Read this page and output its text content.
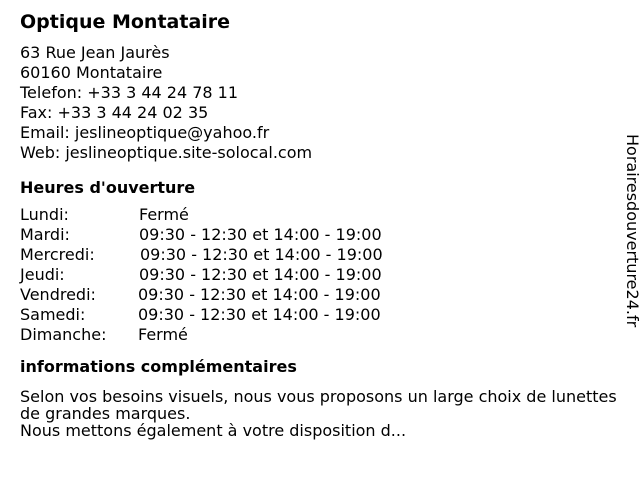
Optique Montataire
63 Rue Jean Jaurès
60160 Montataire
Telefon: +33 3 44 24 78 11
Fax: +33 3 44 24 02 35
Email: jeslineoptique@yahoo.fr
Web: jeslineoptique.site-solocal.com
Heures d'ouverture
Lundi:	Fermé
Mardi:	09:30 - 12:30 et 14:00 - 19:00
Mercredi:	09:30 - 12:30 et 14:00 - 19:00
Jeudi:	09:30 - 12:30 et 14:00 - 19:00
Vendredi:	09:30 - 12:30 et 14:00 - 19:00
Samedi:	09:30 - 12:30 et 14:00 - 19:00
Dimanche:	Fermé
informations complémentaires

Selon vos besoins visuels, nous vous proposons un large choix de lunettes de grandes marques.

Nous mettons également à votre disposition d...

Horairesdouverture24.fr
